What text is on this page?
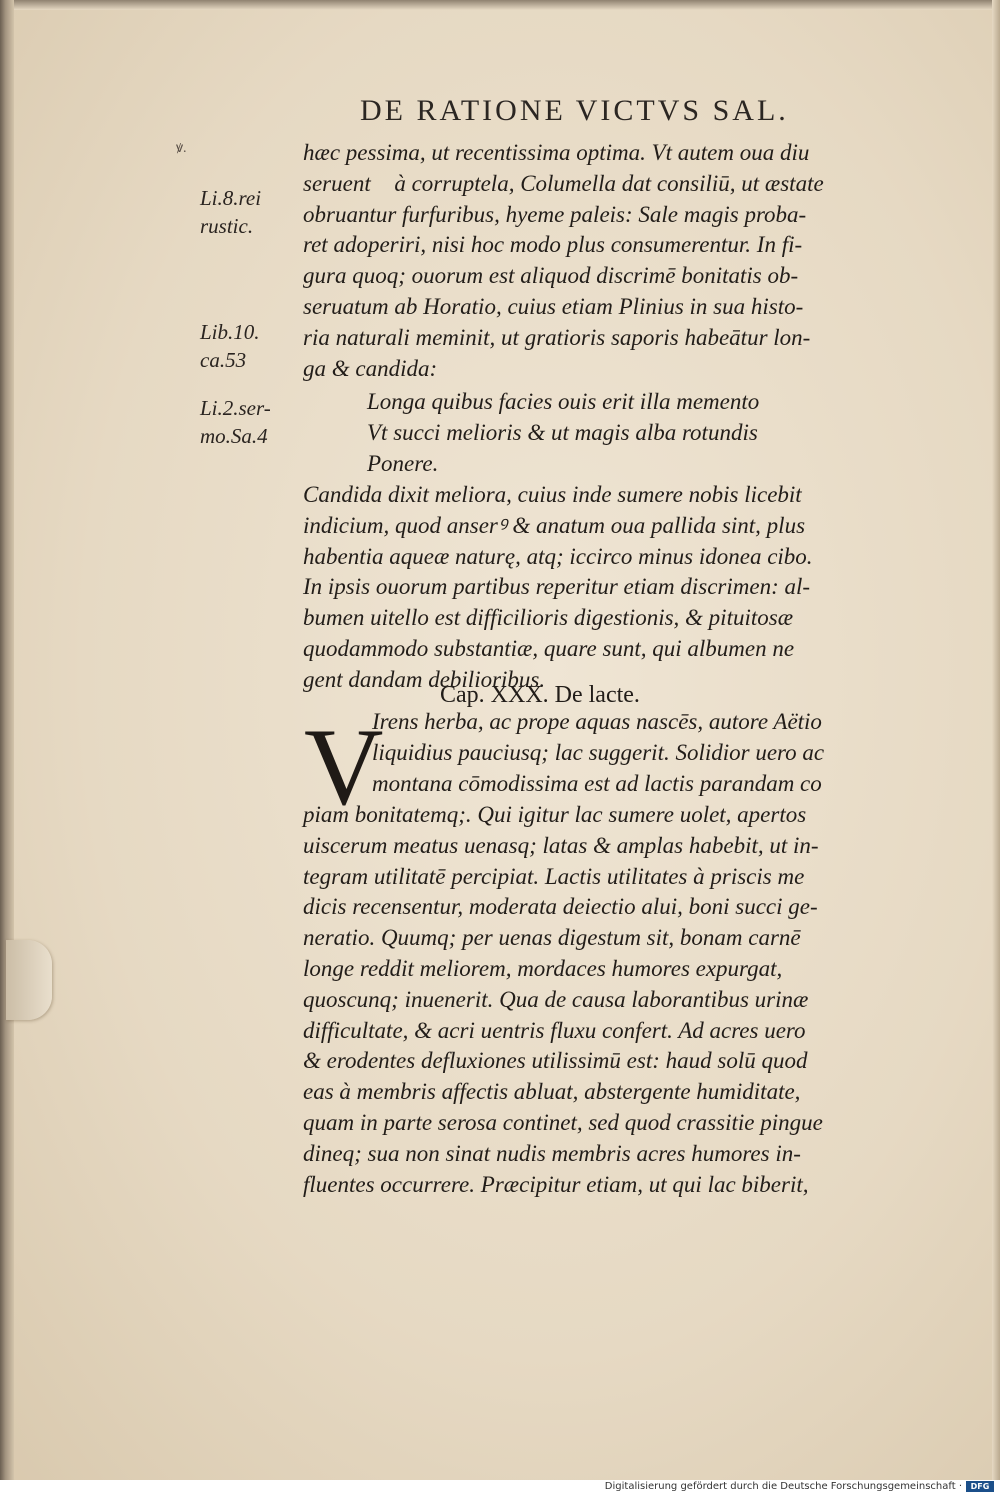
DE RATIONE VICTVS SAL.
ꝟ.
Li.8.rei
rustic.
Lib.10.
ca.53
Li.2.ser-
mo.Sa.4
hæc pessima, ut recentissima optima. Vt autem oua diu
seruentᷣ à corruptela, Columella dat consiliū, ut æstate
obruantur furfuribus, hyeme paleis: Sale magis proba-
ret adoperiri, nisi hoc modo plus consumerentur. In fi-
gura quoq; ouorum est aliquod discrimē bonitatis ob-
seruatum ab Horatio, cuius etiam Plinius in sua histo-
ria naturali meminit, ut gratioris saporis habeātur lon-
ga & candida:
Longa quibus facies ouis erit illa memento
Vt succi melioris & ut magis alba rotundis
Ponere.
Candida dixit meliora, cuius inde sumere nobis licebit
indicium, quod anserꝰ & anatum oua pallida sint, plus
habentia aqueæ naturę, atq; iccirco minus idonea cibo.
In ipsis ouorum partibus reperitur etiam discrimen: al-
bumen uitello est difficilioris digestionis, & pituitosæ
quodammodo substantiæ, quare sunt, qui albumen ne
gent dandam debilioribus.
Cap. XXX. De lacte.
V
Irens herba, ac prope aquas nascēs, autore Aëtio
liquidius pauciusq; lac suggerit. Solidior uero ac
montana cōmodissima est ad lactis parandam co
piam bonitatemq;. Qui igitur lac sumere uolet, apertos
uiscerum meatus uenasq; latas & amplas habebit, ut in-
tegram utilitatē percipiat. Lactis utilitates à priscis me
dicis recensentur, moderata deiectio alui, boni succi ge-
neratio. Quumq; per uenas digestum sit, bonam carnē
longe reddit meliorem, mordaces humores expurgat,
quoscunq; inuenerit. Qua de causa laborantibus urinæ
difficultate, & acri uentris fluxu confert. Ad acres uero
& erodentes defluxiones utilissimū est: haud solū quod
eas à membris affectis abluat, abstergente humiditate,
quam in parte serosa continet, sed quod crassitie pingue
dineq; sua non sinat nudis membris acres humores in-
fluentes occurrere. Præcipitur etiam, ut qui lac biberit,
Digitalisierung gefördert durch die Deutsche Forschungsgemeinschaft ·	DFG
